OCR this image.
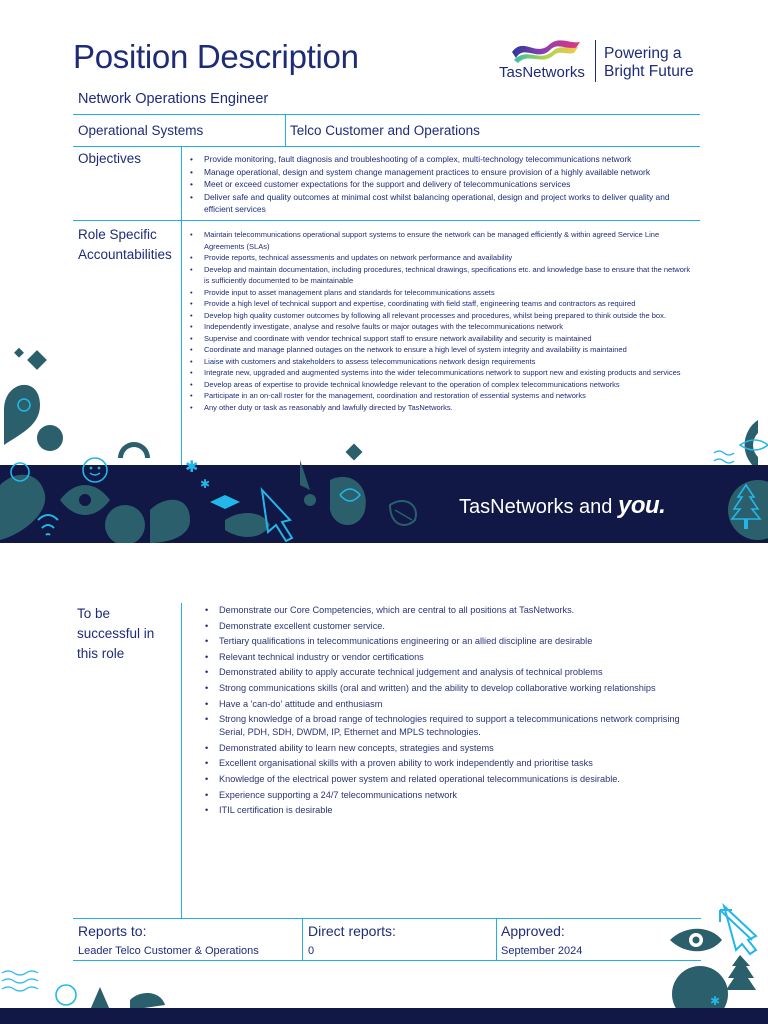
Position Description	TasNetworks
Powering a
Bright Future
Network Operations Engineer
Operational Systems	Telco Customer and Operations
Objectives
•	Provide monitoring, fault diagnosis and troubleshooting of a complex, multi-technology telecommunications network
• Manage operational, design and system change management practices to ensure provision of a highly available network
• Meet or exceed customer expectations for the support and delivery of telecommunications services
• Deliver safe and quality outcomes at minimal cost whilst balancing operational, design and project works to deliver quality and efficient services
Role Specific
Accountabilities
• Maintain telecommunications operational support systems to ensure the network can be managed efficiently & within agreed Service Line Agreements (SLAs)
• Provide reports, technical assessments and updates on network performance and availability
• Develop and maintain documentation, including procedures, technical drawings, specifications etc. and knowledge base to ensure that the network is sufficiently documented to be maintainable
• Provide input to asset management plans and standards for telecommunications assets
• Provide a high level of technical support and expertise, coordinating with field staff, engineering teams and contractors as required
• Develop high quality customer outcomes by following all relevant processes and procedures, whilst being prepared to think outside the box.
• Independently investigate, analyse and resolve faults or major outages with the telecommunications network
• Supervise and coordinate with vendor technical support staff to ensure network availability and security is maintained
• Coordinate and manage planned outages on the network to ensure a high level of system integrity and availability is maintained
• Liaise with customers and stakeholders to assess telecommunications network design requirements
• Integrate new, upgraded and augmented systems into the wider telecommunications network to support new and existing products and services
• Develop areas of expertise to provide technical knowledge relevant to the operation of complex telecommunications networks
• Participate in an on-call roster for the management, coordination and restoration of essential systems and networks
• Any other duty or task as reasonably and lawfully directed by TasNetworks.
✱
✱
TasNetworks and you.
To be
successful in
this role
• Demonstrate our Core Competencies, which are central to all positions at TasNetworks.
• Demonstrate excellent customer service.
• Tertiary qualifications in telecommunications engineering or an allied discipline are desirable
• Relevant technical industry or vendor certifications
• Demonstrated ability to apply accurate technical judgement and analysis of technical problems
• Strong communications skills (oral and written) and the ability to develop collaborative working relationships
• Have a 'can-do' attitude and enthusiasm
• Strong knowledge of a broad range of technologies required to support a telecommunications network comprising Serial, PDH, SDH, DWDM, IP, Ethernet and MPLS technologies.
• Demonstrated ability to learn new concepts, strategies and systems
• Excellent organisational skills with a proven ability to work independently and prioritise tasks
• Knowledge of the electrical power system and related operational telecommunications is desirable.
• Experience supporting a 24/7 telecommunications network
• ITIL certification is desirable
Reports to:
Leader Telco Customer & Operations
Direct reports:
0
Approved:
September 2024
✱
